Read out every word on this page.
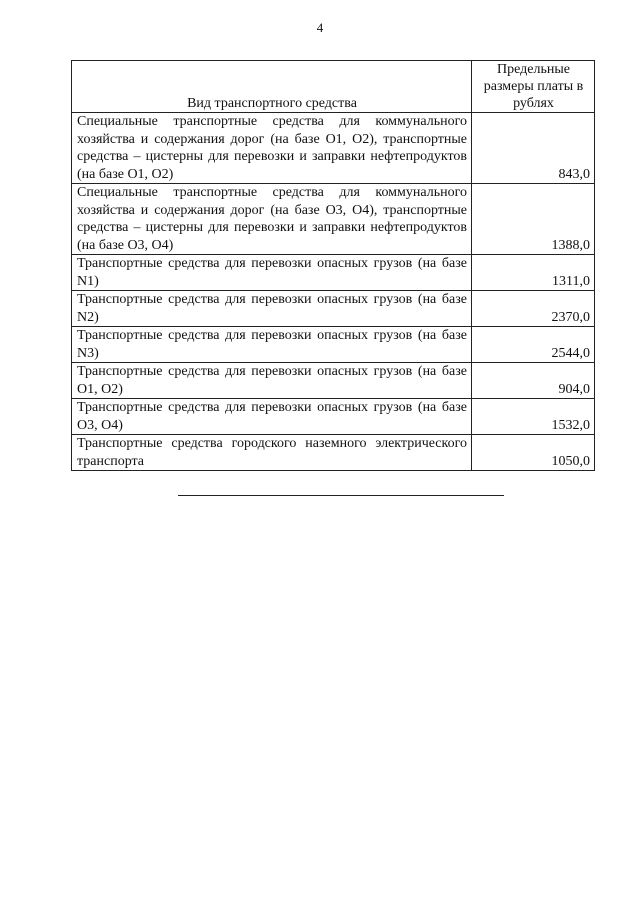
4
Вид транспортного средства	Предельные размеры платы в рублях
Специальные транспортные средства для коммунального хозяйства и содержания дорог (на базе O1, O2), транспортные средства – цистерны для перевозки и заправки нефтепродуктов (на базе O1, O2)	843,0
Специальные транспортные средства для коммунального хозяйства и содержания дорог (на базе O3, O4), транспортные средства – цистерны для перевозки и заправки нефтепродуктов (на базе O3, O4)	1388,0
Транспортные средства для перевозки опасных грузов (на базе N1)	1311,0
Транспортные средства для перевозки опасных грузов (на базе N2)	2370,0
Транспортные средства для перевозки опасных грузов (на базе N3)	2544,0
Транспортные средства для перевозки опасных грузов (на базе O1, O2)	904,0
Транспортные средства для перевозки опасных грузов (на базе O3, O4)	1532,0
Транспортные средства городского наземного электрического транспорта	1050,0
